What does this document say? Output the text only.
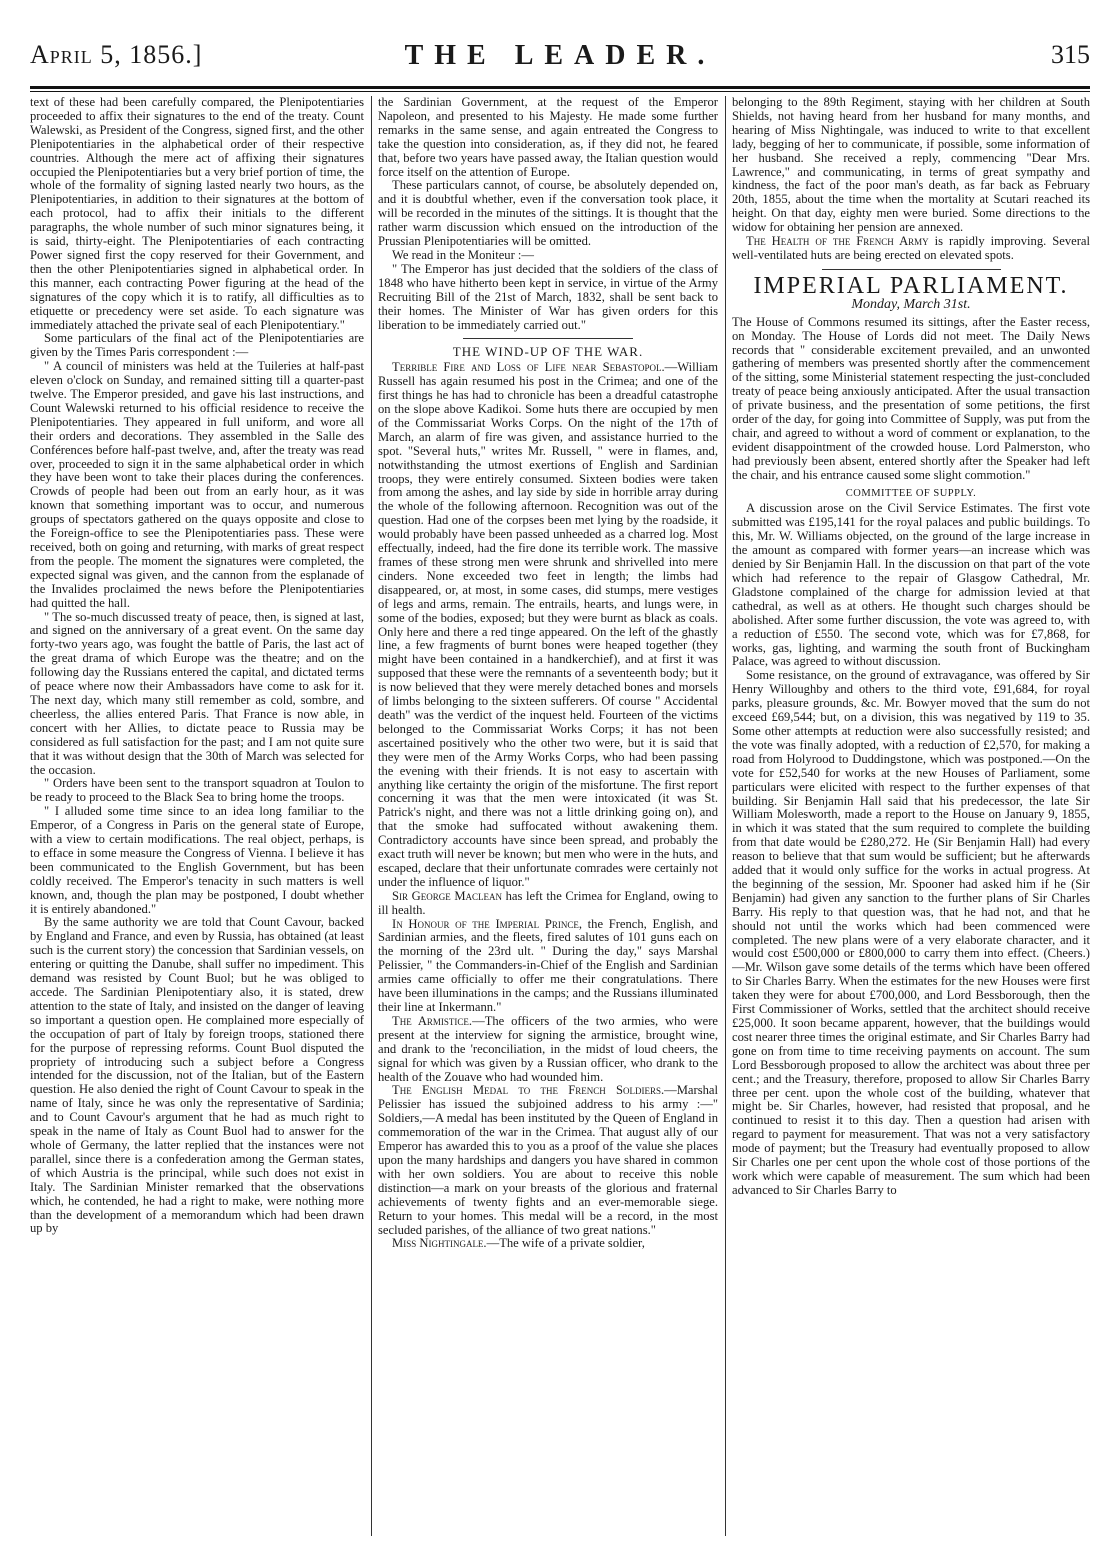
April 5, 1856.]	THE LEADER.	315

text of these had been carefully compared, the Plenipotentiaries proceeded to affix their signatures to the end of the treaty. Count Walewski, as President of the Congress, signed first, and the other Plenipotentiaries in the alphabetical order of their respective countries. Although the mere act of affixing their signatures occupied the Plenipotentiaries but a very brief portion of time, the whole of the formality of signing lasted nearly two hours, as the Plenipotentiaries, in addition to their signatures at the bottom of each protocol, had to affix their initials to the different paragraphs, the whole number of such minor signatures being, it is said, thirty-eight. The Plenipotentiaries of each contracting Power signed first the copy reserved for their Government, and then the other Plenipotentiaries signed in alphabetical order. In this manner, each contracting Power figuring at the head of the signatures of the copy which it is to ratify, all difficulties as to etiquette or precedency were set aside. To each signature was immediately attached the private seal of each Plenipotentiary."

Some particulars of the final act of the Plenipotentiaries are given by the Times Paris correspondent :—

" A council of ministers was held at the Tuileries at half-past eleven o'clock on Sunday, and remained sitting till a quarter-past twelve. The Emperor presided, and gave his last instructions, and Count Walewski returned to his official residence to receive the Plenipotentiaries. They appeared in full uniform, and wore all their orders and decorations. They assembled in the Salle des Conférences before half-past twelve, and, after the treaty was read over, proceeded to sign it in the same alphabetical order in which they have been wont to take their places during the conferences. Crowds of people had been out from an early hour, as it was known that something important was to occur, and numerous groups of spectators gathered on the quays opposite and close to the Foreign-office to see the Plenipotentiaries pass. These were received, both on going and returning, with marks of great respect from the people. The moment the signatures were completed, the expected signal was given, and the cannon from the esplanade of the Invalides proclaimed the news before the Plenipotentiaries had quitted the hall.

" The so-much discussed treaty of peace, then, is signed at last, and signed on the anniversary of a great event. On the same day forty-two years ago, was fought the battle of Paris, the last act of the great drama of which Europe was the theatre; and on the following day the Russians entered the capital, and dictated terms of peace where now their Ambassadors have come to ask for it. The next day, which many still remember as cold, sombre, and cheerless, the allies entered Paris. That France is now able, in concert with her Allies, to dictate peace to Russia may be considered as full satisfaction for the past; and I am not quite sure that it was without design that the 30th of March was selected for the occasion.

" Orders have been sent to the transport squadron at Toulon to be ready to proceed to the Black Sea to bring home the troops.

" I alluded some time since to an idea long familiar to the Emperor, of a Congress in Paris on the general state of Europe, with a view to certain modifications. The real object, perhaps, is to efface in some measure the Congress of Vienna. I believe it has been communicated to the English Government, but has been coldly received. The Emperor's tenacity in such matters is well known, and, though the plan may be postponed, I doubt whether it is entirely abandoned."

By the same authority we are told that Count Cavour, backed by England and France, and even by Russia, has obtained (at least such is the current story) the concession that Sardinian vessels, on entering or quitting the Danube, shall suffer no impediment. This demand was resisted by Count Buol; but he was obliged to accede. The Sardinian Plenipotentiary also, it is stated, drew attention to the state of Italy, and insisted on the danger of leaving so important a question open. He complained more especially of the occupation of part of Italy by foreign troops, stationed there for the purpose of repressing reforms. Count Buol disputed the propriety of introducing such a subject before a Congress intended for the discussion, not of the Italian, but of the Eastern question. He also denied the right of Count Cavour to speak in the name of Italy, since he was only the representative of Sardinia; and to Count Cavour's argument that he had as much right to speak in the name of Italy as Count Buol had to answer for the whole of Germany, the latter replied that the instances were not parallel, since there is a confederation among the German states, of which Austria is the principal, while such does not exist in Italy. The Sardinian Minister remarked that the observations which, he contended, he had a right to make, were nothing more than the development of a memorandum which had been drawn up by

the Sardinian Government, at the request of the Emperor Napoleon, and presented to his Majesty. He made some further remarks in the same sense, and again entreated the Congress to take the question into consideration, as, if they did not, he feared that, before two years have passed away, the Italian question would force itself on the attention of Europe.

These particulars cannot, of course, be absolutely depended on, and it is doubtful whether, even if the conversation took place, it will be recorded in the minutes of the sittings. It is thought that the rather warm discussion which ensued on the introduction of the Prussian Plenipotentiaries will be omitted.

We read in the Moniteur :—

" The Emperor has just decided that the soldiers of the class of 1848 who have hitherto been kept in service, in virtue of the Army Recruiting Bill of the 21st of March, 1832, shall be sent back to their homes. The Minister of War has given orders for this liberation to be immediately carried out."

THE WIND-UP OF THE WAR.

Terrible Fire and Loss of Life near Sebastopol.—William Russell has again resumed his post in the Crimea; and one of the first things he has had to chronicle has been a dreadful catastrophe on the slope above Kadikoi. Some huts there are occupied by men of the Commissariat Works Corps. On the night of the 17th of March, an alarm of fire was given, and assistance hurried to the spot. "Several huts," writes Mr. Russell, " were in flames, and, notwithstanding the utmost exertions of English and Sardinian troops, they were entirely consumed. Sixteen bodies were taken from among the ashes, and lay side by side in horrible array during the whole of the following afternoon. Recognition was out of the question. Had one of the corpses been met lying by the roadside, it would probably have been passed unheeded as a charred log. Most effectually, indeed, had the fire done its terrible work. The massive frames of these strong men were shrunk and shrivelled into mere cinders. None exceeded two feet in length; the limbs had disappeared, or, at most, in some cases, did stumps, mere vestiges of legs and arms, remain. The entrails, hearts, and lungs were, in some of the bodies, exposed; but they were burnt as black as coals. Only here and there a red tinge appeared. On the left of the ghastly line, a few fragments of burnt bones were heaped together (they might have been contained in a handkerchief), and at first it was supposed that these were the remnants of a seventeenth body; but it is now believed that they were merely detached bones and morsels of limbs belonging to the sixteen sufferers. Of course " Accidental death" was the verdict of the inquest held. Fourteen of the victims belonged to the Commissariat Works Corps; it has not been ascertained positively who the other two were, but it is said that they were men of the Army Works Corps, who had been passing the evening with their friends. It is not easy to ascertain with anything like certainty the origin of the misfortune. The first report concerning it was that the men were intoxicated (it was St. Patrick's night, and there was not a little drinking going on), and that the smoke had suffocated without awakening them. Contradictory accounts have since been spread, and probably the exact truth will never be known; but men who were in the huts, and escaped, declare that their unfortunate comrades were certainly not under the influence of liquor."

Sir George Maclean has left the Crimea for England, owing to ill health.

In Honour of the Imperial Prince, the French, English, and Sardinian armies, and the fleets, fired salutes of 101 guns each on the morning of the 23rd ult. " During the day," says Marshal Pelissier, " the Commanders-in-Chief of the English and Sardinian armies came officially to offer me their congratulations. There have been illuminations in the camps; and the Russians illuminated their line at Inkermann."

The Armistice.—The officers of the two armies, who were present at the interview for signing the armistice, brought wine, and drank to the 'reconciliation, in the midst of loud cheers, the signal for which was given by a Russian officer, who drank to the health of the Zouave who had wounded him.

The English Medal to the French Soldiers.—Marshal Pelissier has issued the subjoined address to his army :—" Soldiers,—A medal has been instituted by the Queen of England in commemoration of the war in the Crimea. That august ally of our Emperor has awarded this to you as a proof of the value she places upon the many hardships and dangers you have shared in common with her own soldiers. You are about to receive this noble distinction—a mark on your breasts of the glorious and fraternal achievements of twenty fights and an ever-memorable siege. Return to your homes. This medal will be a record, in the most secluded parishes, of the alliance of two great nations."

Miss Nightingale.—The wife of a private soldier,

belonging to the 89th Regiment, staying with her children at South Shields, not having heard from her husband for many months, and hearing of Miss Nightingale, was induced to write to that excellent lady, begging of her to communicate, if possible, some information of her husband. She received a reply, commencing "Dear Mrs. Lawrence," and communicating, in terms of great sympathy and kindness, the fact of the poor man's death, as far back as February 20th, 1855, about the time when the mortality at Scutari reached its height. On that day, eighty men were buried. Some directions to the widow for obtaining her pension are annexed.

The Health of the French Army is rapidly improving. Several well-ventilated huts are being erected on elevated spots.

IMPERIAL PARLIAMENT.
Monday, March 31st.

The House of Commons resumed its sittings, after the Easter recess, on Monday. The House of Lords did not meet. The Daily News records that " considerable excitement prevailed, and an unwonted gathering of members was presented shortly after the commencement of the sitting, some Ministerial statement respecting the just-concluded treaty of peace being anxiously anticipated. After the usual transaction of private business, and the presentation of some petitions, the first order of the day, for going into Committee of Supply, was put from the chair, and agreed to without a word of comment or explanation, to the evident disappointment of the crowded house. Lord Palmerston, who had previously been absent, entered shortly after the Speaker had left the chair, and his entrance caused some slight commotion."

COMMITTEE OF SUPPLY.

A discussion arose on the Civil Service Estimates. The first vote submitted was £195,141 for the royal palaces and public buildings. To this, Mr. W. Williams objected, on the ground of the large increase in the amount as compared with former years—an increase which was denied by Sir Benjamin Hall. In the discussion on that part of the vote which had reference to the repair of Glasgow Cathedral, Mr. Gladstone complained of the charge for admission levied at that cathedral, as well as at others. He thought such charges should be abolished. After some further discussion, the vote was agreed to, with a reduction of £550. The second vote, which was for £7,868, for works, gas, lighting, and warming the south front of Buckingham Palace, was agreed to without discussion.

Some resistance, on the ground of extravagance, was offered by Sir Henry Willoughby and others to the third vote, £91,684, for royal parks, pleasure grounds, &c. Mr. Bowyer moved that the sum do not exceed £69,544; but, on a division, this was negatived by 119 to 35. Some other attempts at reduction were also successfully resisted; and the vote was finally adopted, with a reduction of £2,570, for making a road from Holyrood to Duddingstone, which was postponed.—On the vote for £52,540 for works at the new Houses of Parliament, some particulars were elicited with respect to the further expenses of that building. Sir Benjamin Hall said that his predecessor, the late Sir William Molesworth, made a report to the House on January 9, 1855, in which it was stated that the sum required to complete the building from that date would be £280,272. He (Sir Benjamin Hall) had every reason to believe that that sum would be sufficient; but he afterwards added that it would only suffice for the works in actual progress. At the beginning of the session, Mr. Spooner had asked him if he (Sir Benjamin) had given any sanction to the further plans of Sir Charles Barry. His reply to that question was, that he had not, and that he should not until the works which had been commenced were completed. The new plans were of a very elaborate character, and it would cost £500,000 or £800,000 to carry them into effect. (Cheers.)—Mr. Wilson gave some details of the terms which have been offered to Sir Charles Barry. When the estimates for the new Houses were first taken they were for about £700,000, and Lord Bessborough, then the First Commissioner of Works, settled that the architect should receive £25,000. It soon became apparent, however, that the buildings would cost nearer three times the original estimate, and Sir Charles Barry had gone on from time to time receiving payments on account. The sum Lord Bessborough proposed to allow the architect was about three per cent.; and the Treasury, therefore, proposed to allow Sir Charles Barry three per cent. upon the whole cost of the building, whatever that might be. Sir Charles, however, had resisted that proposal, and he continued to resist it to this day. Then a question had arisen with regard to payment for measurement. That was not a very satisfactory mode of payment; but the Treasury had eventually proposed to allow Sir Charles one per cent upon the whole cost of those portions of the work which were capable of measurement. The sum which had been advanced to Sir Charles Barry to
